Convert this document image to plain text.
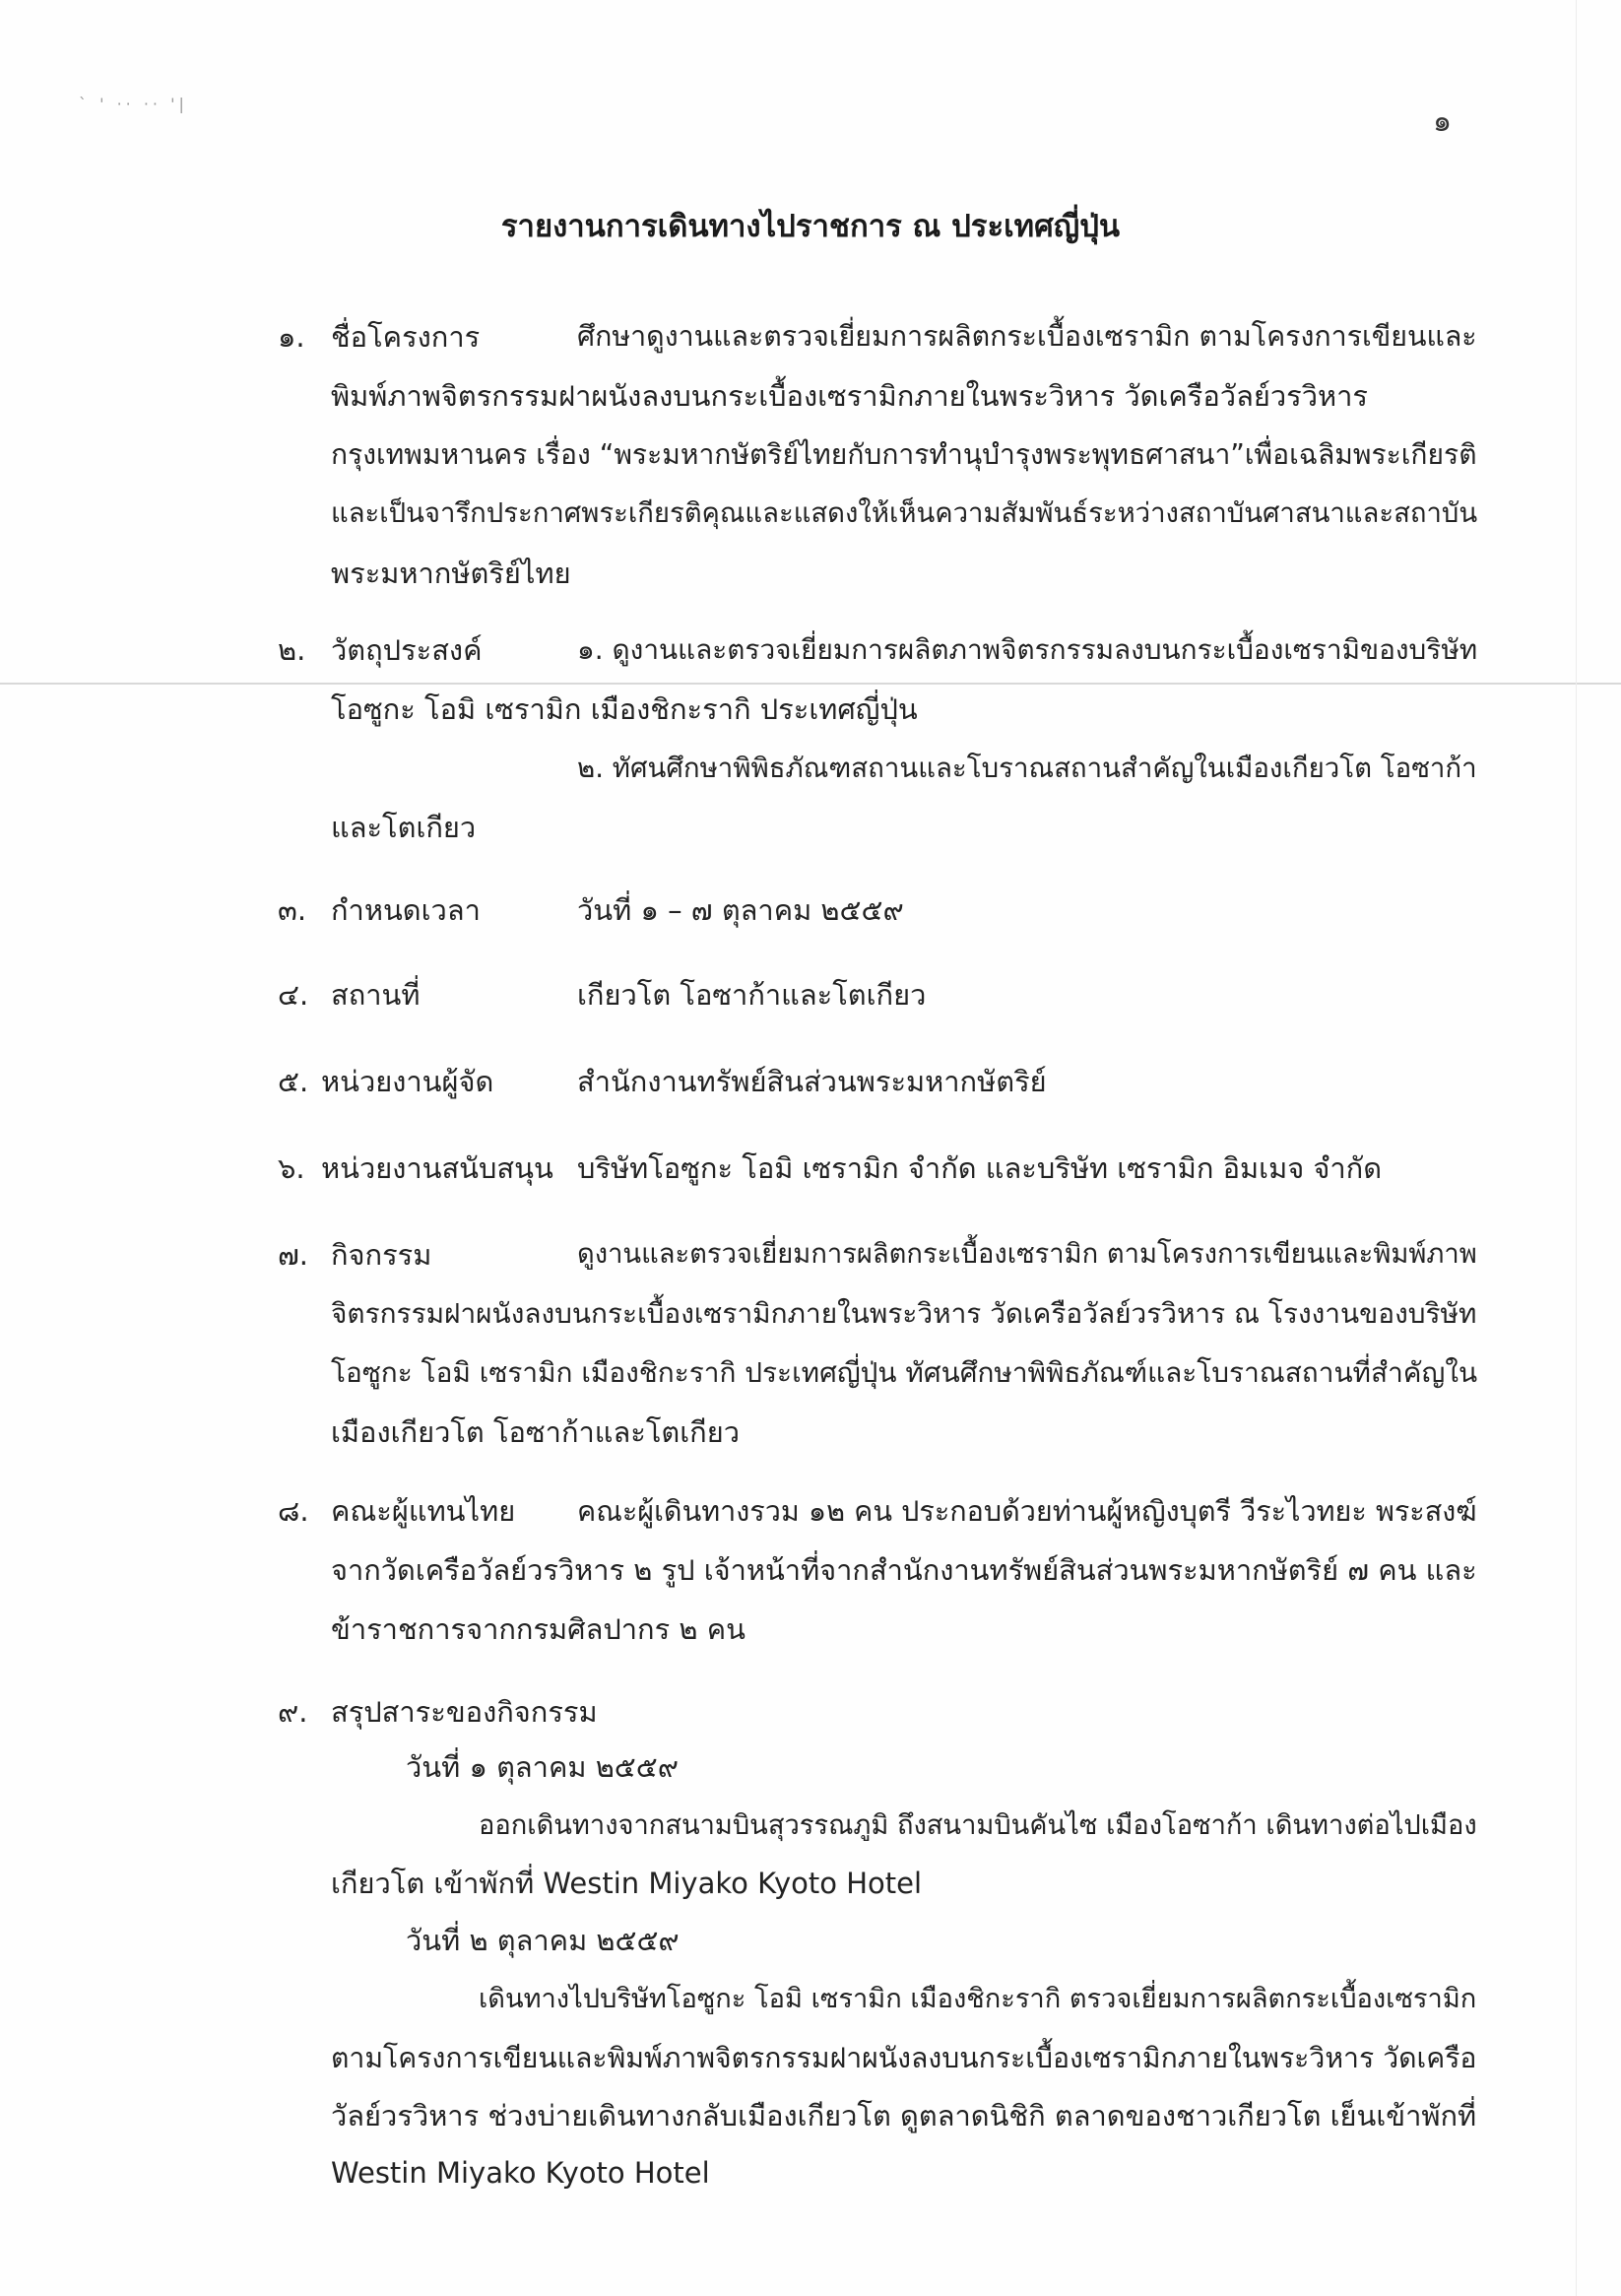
` ' ·· ·· '|
๑
รายงานการเดินทางไปราชการ ณ ประเทศญี่ปุ่น
๑. ชื่อโครงการ	ศึกษาดูงานและตรวจเยี่ยมการผลิตกระเบื้องเซรามิก ตามโครงการเขียนและ
พิมพ์ภาพจิตรกรรมฝาผนังลงบนกระเบื้องเซรามิกภายในพระวิหาร วัดเครือวัลย์วรวิหาร
กรุงเทพมหานคร เรื่อง “พระมหากษัตริย์ไทยกับการทำนุบำรุงพระพุทธศาสนา”เพื่อเฉลิมพระเกียรติ
และเป็นจารึกประกาศพระเกียรติคุณและแสดงให้เห็นความสัมพันธ์ระหว่างสถาบันศาสนาและสถาบัน
พระมหากษัตริย์ไทย
๒. วัตถุประสงค์	๑. ดูงานและตรวจเยี่ยมการผลิตภาพจิตรกรรมลงบนกระเบื้องเซรามิของบริษัท
โอซูกะ โอมิ เซรามิก เมืองชิกะรากิ ประเทศญี่ปุ่น
๒. ทัศนศึกษาพิพิธภัณฑสถานและโบราณสถานสำคัญในเมืองเกียวโต โอซาก้า
และโตเกียว
๓. กำหนดเวลา	วันที่ ๑ – ๗ ตุลาคม ๒๕๕๙
๔. สถานที่	เกียวโต โอซาก้าและโตเกียว
๕. หน่วยงานผู้จัด	สำนักงานทรัพย์สินส่วนพระมหากษัตริย์
๖. หน่วยงานสนับสนุน บริษัทโอซูกะ โอมิ เซรามิก จำกัด และบริษัท เซรามิก อิมเมจ จำกัด
๗. กิจกรรม	ดูงานและตรวจเยี่ยมการผลิตกระเบื้องเซรามิก ตามโครงการเขียนและพิมพ์ภาพ
จิตรกรรมฝาผนังลงบนกระเบื้องเซรามิกภายในพระวิหาร วัดเครือวัลย์วรวิหาร ณ โรงงานของบริษัท
โอซูกะ โอมิ เซรามิก เมืองชิกะรากิ ประเทศญี่ปุ่น ทัศนศึกษาพิพิธภัณฑ์และโบราณสถานที่สำคัญใน
เมืองเกียวโต โอซาก้าและโตเกียว
๘. คณะผู้แทนไทย คณะผู้เดินทางรวม ๑๒ คน ประกอบด้วยท่านผู้หญิงบุตรี วีระไวทยะ พระสงฆ์
จากวัดเครือวัลย์วรวิหาร ๒ รูป เจ้าหน้าที่จากสำนักงานทรัพย์สินส่วนพระมหากษัตริย์ ๗ คน และ
ข้าราชการจากกรมศิลปากร ๒ คน
๙. สรุปสาระของกิจกรรม
วันที่ ๑ ตุลาคม ๒๕๕๙
ออกเดินทางจากสนามบินสุวรรณภูมิ ถึงสนามบินคันไซ เมืองโอซาก้า เดินทางต่อไปเมือง
เกียวโต เข้าพักที่ Westin Miyako Kyoto Hotel
วันที่ ๒ ตุลาคม ๒๕๕๙
เดินทางไปบริษัทโอซูกะ โอมิ เซรามิก เมืองชิกะรากิ ตรวจเยี่ยมการผลิตกระเบื้องเซรามิก
ตามโครงการเขียนและพิมพ์ภาพจิตรกรรมฝาผนังลงบนกระเบื้องเซรามิกภายในพระวิหาร วัดเครือ
วัลย์วรวิหาร ช่วงบ่ายเดินทางกลับเมืองเกียวโต ดูตลาดนิชิกิ ตลาดของชาวเกียวโต เย็นเข้าพักที่
Westin Miyako Kyoto Hotel
